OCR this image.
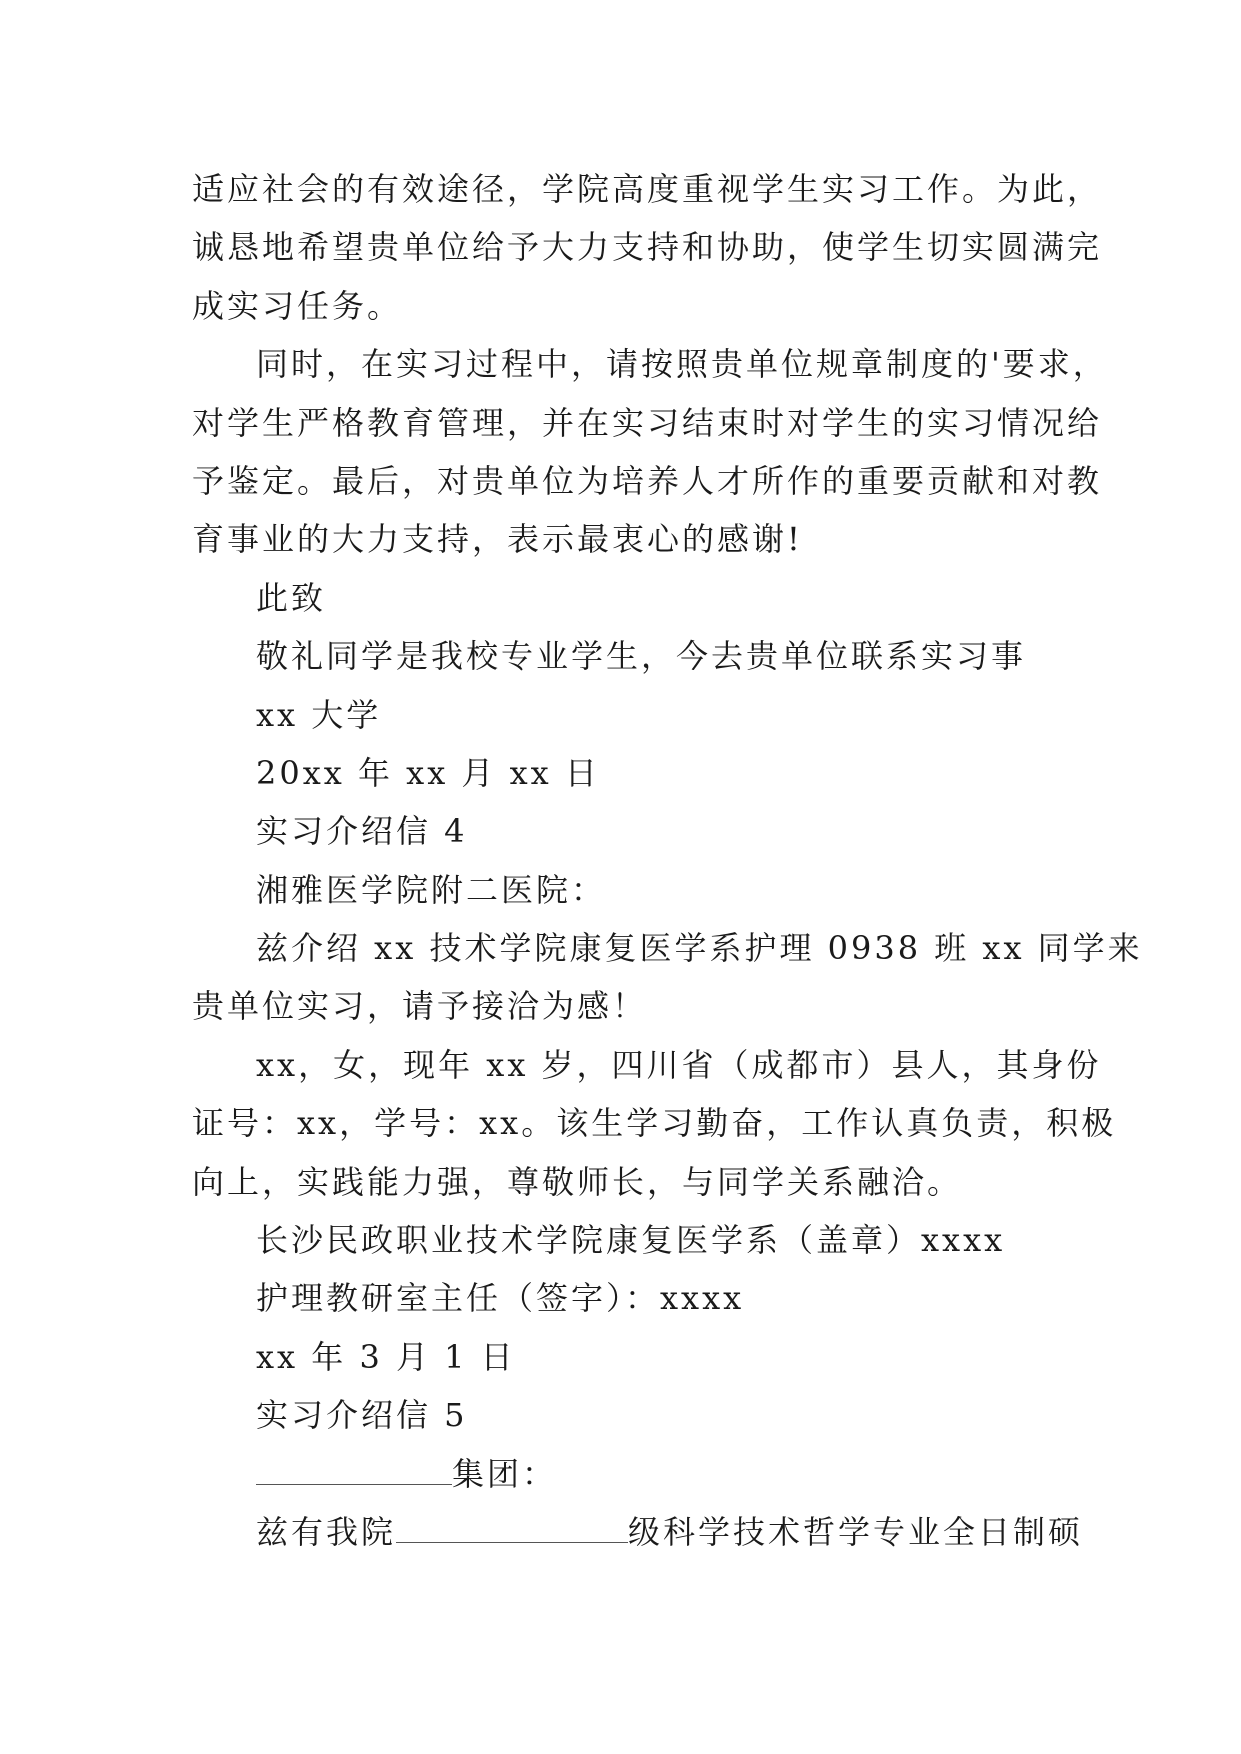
适应社会的有效途径，学院高度重视学生实习工作。为此，
诚恳地希望贵单位给予大力支持和协助，使学生切实圆满完
成实习任务。
同时，在实习过程中，请按照贵单位规章制度的'要求，
对学生严格教育管理，并在实习结束时对学生的实习情况给
予鉴定。最后，对贵单位为培养人才所作的重要贡献和对教
育事业的大力支持，表示最衷心的感谢!
此致
敬礼同学是我校专业学生，今去贵单位联系实习事
xx 大学
20xx 年 xx 月 xx 日
实习介绍信 4
湘雅医学院附二医院：
兹介绍 xx 技术学院康复医学系护理 0938 班 xx 同学来
贵单位实习，请予接洽为感！
xx，女，现年 xx 岁，四川省（成都市）县人，其身份
证号：xx，学号：xx。该生学习勤奋，工作认真负责，积极
向上，实践能力强，尊敬师长，与同学关系融洽。
长沙民政职业技术学院康复医学系（盖章）xxxx
护理教研室主任（签字）：xxxx
xx 年 3 月 1 日
实习介绍信 5
集团：
兹有我院	级科学技术哲学专业全日制硕
